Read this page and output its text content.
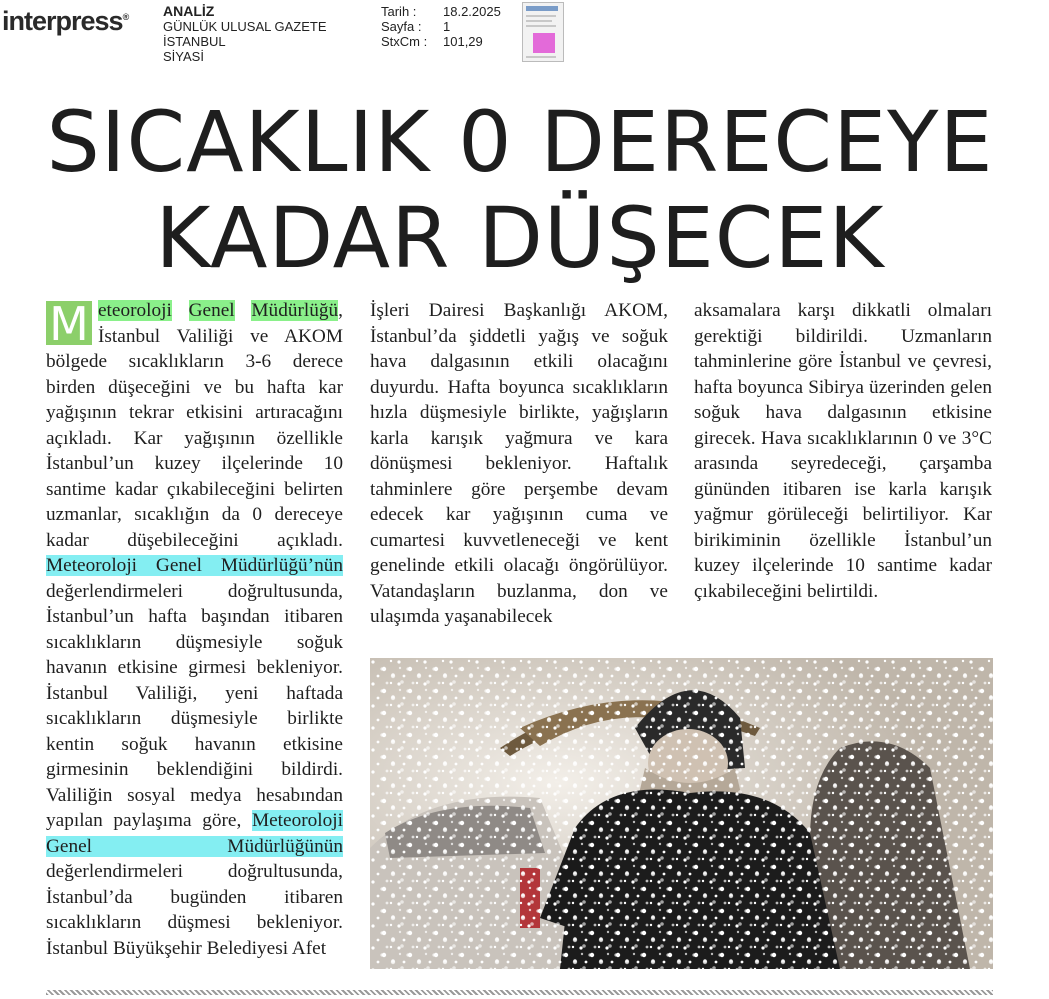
interpress® ANALİZ
GÜNLÜK ULUSAL GAZETE
İSTANBUL
SİYASİ
Tarih :	18.2.2025
Sayfa :	1
StxCm :	101,29
SICAKLIK 0 DERECEYE
KADAR DÜŞECEK
M eteoroloji Genel Müdürlüğü, İstanbul Valiliği ve AKOM bölgede sıcaklıkların 3-6 derece birden düşeceğini ve bu hafta kar yağışının tekrar etkisini artıracağını açıkladı. Kar yağışının özellikle İstanbul’un kuzey ilçelerinde 10 santime kadar çıkabileceğini belirten uzmanlar, sıcaklığın da 0 dereceye kadar düşebileceğini açıkladı. Meteoroloji Genel Müdürlüğü’nün değerlendirmeleri doğrultusunda, İstanbul’un hafta başından itibaren sıcaklıkların düşmesiyle soğuk havanın etkisine girmesi bekleniyor. İstanbul Valiliği, yeni haftada sıcaklıkların düşmesiyle birlikte kentin soğuk havanın etkisine girmesinin beklendiğini bildirdi. Valiliğin sosyal medya hesabından yapılan paylaşıma göre, Meteoroloji Genel Müdürlüğünün değerlendirmeleri doğrultusunda, İstanbul’da bugünden itibaren sıcaklıkların düşmesi bekleniyor. İstanbul Büyükşehir Belediyesi Afet
İşleri Dairesi Başkanlığı AKOM, İstanbul’da şiddetli yağış ve soğuk hava dalgasının etkili olacağını duyurdu. Hafta boyunca sıcaklıkların hızla düşmesiyle birlikte, yağışların karla karışık yağmura ve kara dönüşmesi bekleniyor. Haftalık tahminlere göre perşembe devam edecek kar yağışının cuma ve cumartesi kuvvetleneceği ve kent genelinde etkili olacağı öngörülüyor. Vatandaşların buzlanma, don ve ulaşımda yaşanabilecek
aksamalara karşı dikkatli olmaları gerektiği bildirildi. Uzmanların tahminlerine göre İstanbul ve çevresi, hafta boyunca Sibirya üzerinden gelen soğuk hava dalgasının etkisine girecek. Hava sıcaklıklarının 0 ve 3°C arasında seyredeceği, çarşamba gününden itibaren ise karla karışık yağmur görüleceği belirtiliyor. Kar birikiminin özellikle İstanbul’un kuzey ilçelerinde 10 santime kadar çıkabileceğini belirtildi.
